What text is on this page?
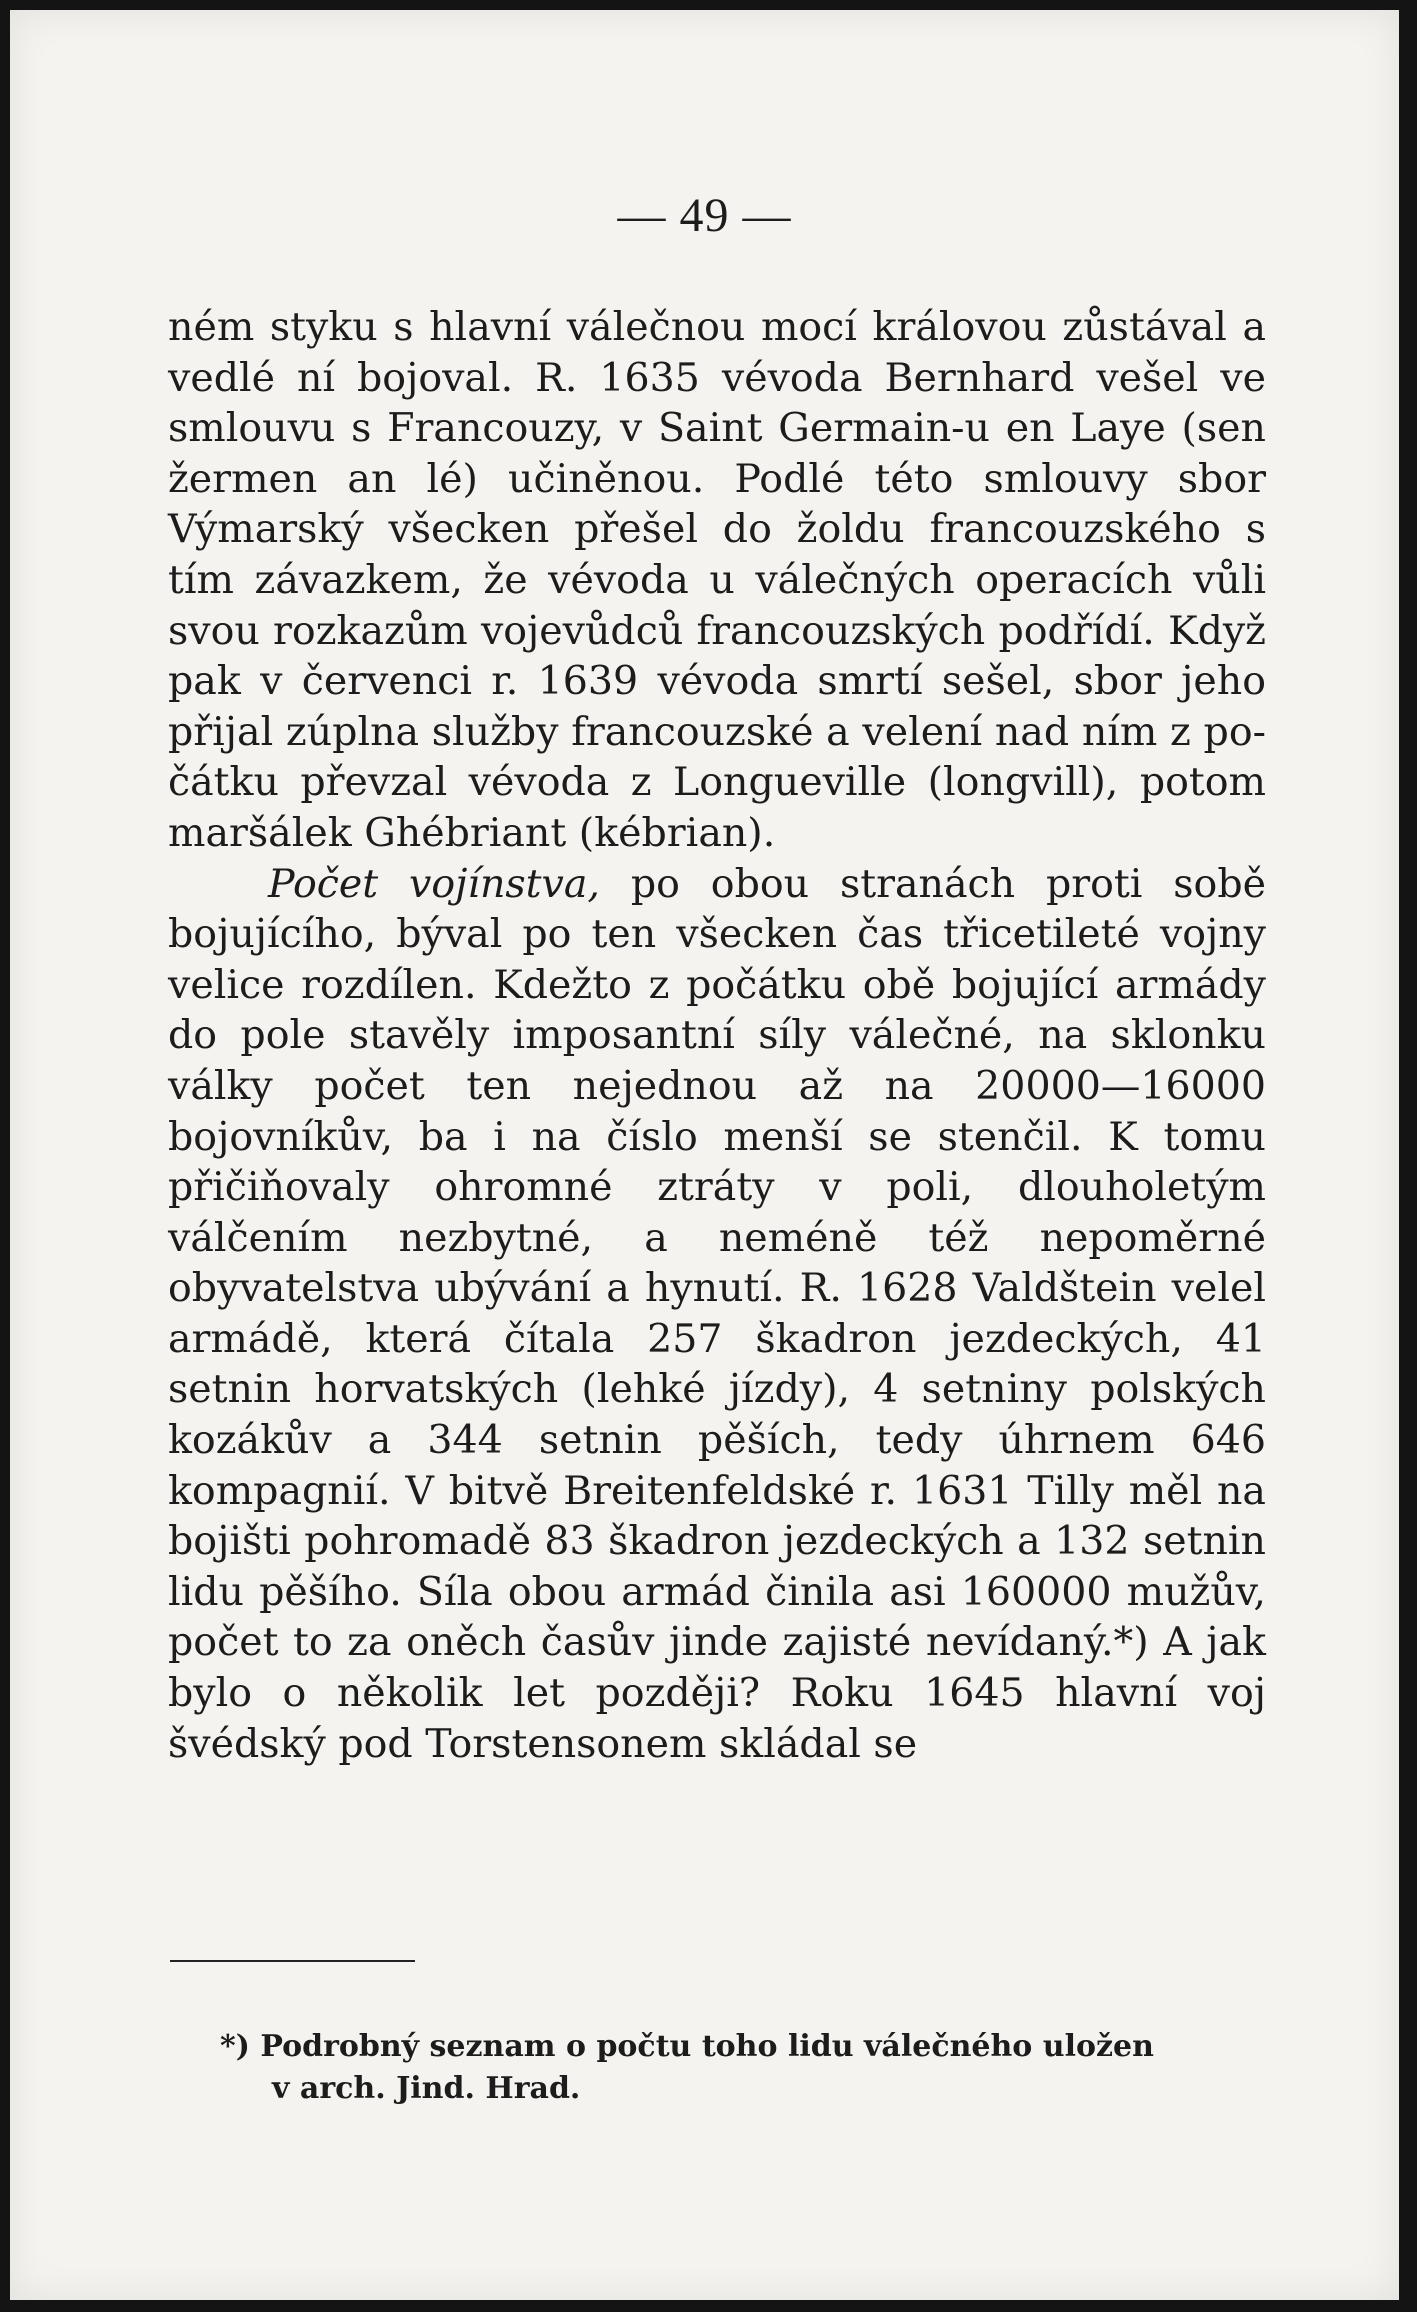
— 49 —

ném styku s hlavní válečnou mocí královou zůstával a vedlé ní bojoval. R. 1635 vévoda Bernhard vešel ve smlouvu s Francouzy, v Saint Germain-u en Laye (sen žermen an lé) učiněnou. Podlé této smlouvy sbor Výmarský všecken přešel do žoldu francouzského s tím závazkem, že vévoda u válečných operacích vůli svou rozkazům vojevůdců francouzských podřídí. Když pak v červenci r. 1639 vévoda smrtí sešel, sbor jeho přijal zúplna služby francouzské a velení nad ním z počátku převzal vévoda z Longueville (longvill), potom maršálek Ghébriant (kébrian).

Počet vojínstva, po obou stranách proti sobě bojujícího, býval po ten všecken čas třicetileté vojny velice rozdílen. Kdežto z počátku obě bojující armády do pole stavěly imposantní síly válečné, na sklonku války počet ten nejednou až na 20000—16000 bojovníkův, ba i na číslo menší se stenčil. K tomu přičiňovaly ohromné ztráty v poli, dlouholetým válčením nezbytné, a neméně též nepoměrné obyvatelstva ubývání a hynutí. R. 1628 Valdštein velel armádě, která čítala 257 škadron jezdeckých, 41 setnin horvatských (lehké jízdy), 4 setniny polských kozákův a 344 setnin pěších, tedy úhrnem 646 kompagnií. V bitvě Breitenfeldské r. 1631 Tilly měl na bojišti pohromadě 83 škadron jezdeckých a 132 setnin lidu pěšího. Síla obou armád činila asi 160000 mužův, počet to za oněch časův jinde zajisté nevídaný.*) A jak bylo o několik let později? Roku 1645 hlavní voj švédský pod Torstensonem skládal se

*) Podrobný seznam o počtu toho lidu válečného uložen
v arch. Jind. Hrad.
